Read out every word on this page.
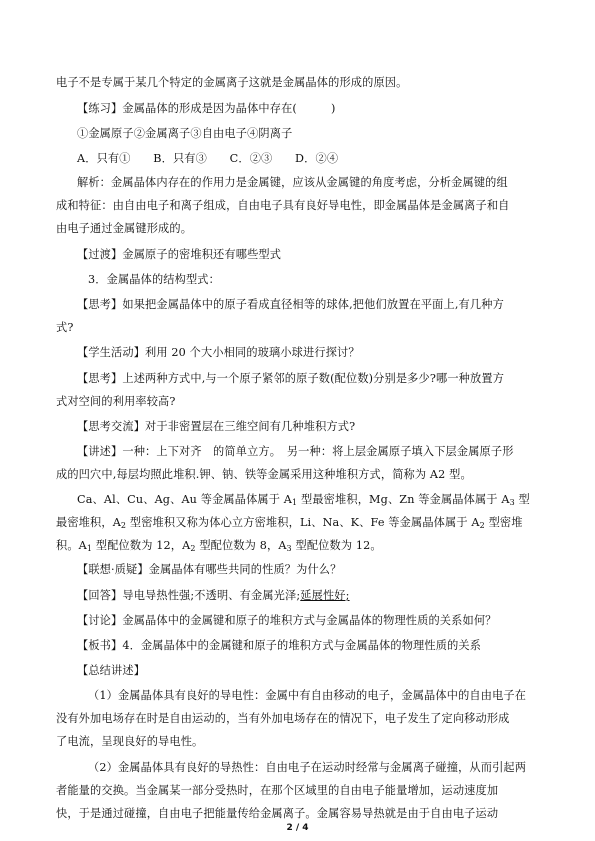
电子不是专属于某几个特定的金属离子这就是金属晶体的形成的原因。
【练习】金属晶体的形成是因为晶体中存在(　　　)
①金属原子②金属离子③自由电子④阴离子
A．只有①　　B．只有③　　C．②③　　D．②④
解析：金属晶体内存在的作用力是金属键，应该从金属键的角度考虑，分析金属键的组
成和特征：由自由电子和离子组成，自由电子具有良好导电性，即金属晶体是金属离子和自
由电子通过金属键形成的。
【过渡】金属原子的密堆积还有哪些型式
3．金属晶体的结构型式：
【思考】如果把金属晶体中的原子看成直径相等的球体,把他们放置在平面上,有几种方
式?
【学生活动】利用 20 个大小相同的玻璃小球进行探讨？
【思考】上述两种方式中,与一个原子紧邻的原子数(配位数)分别是多少?哪一种放置方
式对空间的利用率较高?
【思考交流】对于非密置层在三维空间有几种堆积方式?
【讲述】一种：上下对齐　的简单立方。　另一种：将上层金属原子填入下层金属原子形
成的凹穴中,每层均照此堆积.钾、钠、铁等金属采用这种堆积方式，简称为 A2 型。
Ca、Al、Cu、Ag、Au 等金属晶体属于 $A_1$ 型最密堆积，Mg、Zn 等金属晶体属于 $A_3$ 型
最密堆积，$A_2$ 型密堆积又称为体心立方密堆积，Li、Na、K、Fe 等金属晶体属于 $A_2$ 型密堆
积。$A_1$ 型配位数为 12，$A_2$ 型配位数为 8，$A_3$ 型配位数为 12。
【联想·质疑】金属晶体有哪些共同的性质？为什么？
【回答】导电导热性强;不透明、有金属光泽;延展性好;
【讨论】金属晶体中的金属键和原子的堆积方式与金属晶体的物理性质的关系如何？
【板书】4．金属晶体中的金属键和原子的堆积方式与金属晶体的物理性质的关系
【总结讲述】
（1）金属晶体具有良好的导电性：金属中有自由移动的电子，金属晶体中的自由电子在
没有外加电场存在时是自由运动的，当有外加电场存在的情况下，电子发生了定向移动形成
了电流，呈现良好的导电性。
（2）金属晶体具有良好的导热性：自由电子在运动时经常与金属离子碰撞，从而引起两
者能量的交换。当金属某一部分受热时，在那个区域里的自由电子能量增加，运动速度加
快，于是通过碰撞，自由电子把能量传给金属离子。金属容易导热就是由于自由电子运动
2 / 4
